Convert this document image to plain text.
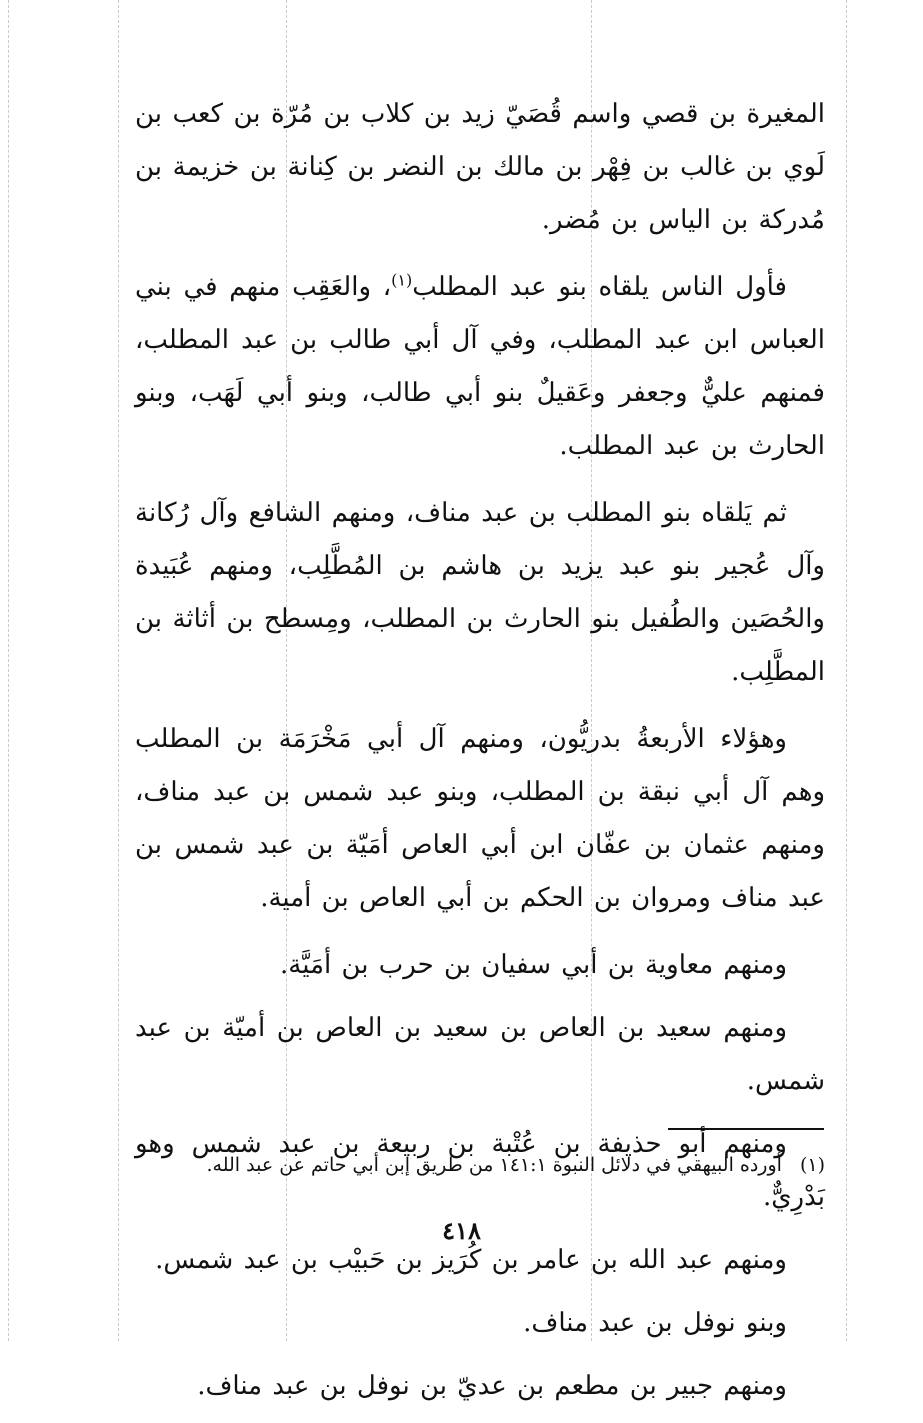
المغيرة بن قصي واسم قُصَيّ زيد بن كلاب بن مُرّة بن كعب بن لَوي بن غالب بن فِهْر بن مالك بن النضر بن كِنانة بن خزيمة بن مُدركة بن الياس بن مُضر.

فأول الناس يلقاه بنو عبد المطلب$^{(١)}$، والعَقِب منهم في بني العباس ابن عبد المطلب، وفي آل أبي طالب بن عبد المطلب، فمنهم عليٌّ وجعفر وعَقيلٌ بنو أبي طالب، وبنو أبي لَهَب، وبنو الحارث بن عبد المطلب.

ثم يَلقاه بنو المطلب بن عبد مناف، ومنهم الشافع وآل رُكانة وآل عُجير بنو عبد يزيد بن هاشم بن المُطَّلِب، ومنهم عُبَيدة والحُصَين والطُفيل بنو الحارث بن المطلب، ومِسطح بن أثاثة بن المطَّلِب.

وهؤلاء الأربعةُ بدريُّون، ومنهم آل أبي مَخْرَمَة بن المطلب وهم آل أبي نبقة بن المطلب، وبنو عبد شمس بن عبد مناف، ومنهم عثمان بن عفّان ابن أبي العاص أمَيّة بن عبد شمس بن عبد مناف ومروان بن الحكم بن أبي العاص بن أمية.

ومنهم معاوية بن أبي سفيان بن حرب بن أمَيَّة.

ومنهم سعيد بن العاص بن سعيد بن العاص بن أميّة بن عبد شمس.

ومنهم أبو حذيفة بن عُتْبة بن ربيعة بن عبد شمس وهو بَدْرِيٌّ.

ومنهم عبد الله بن عامر بن كُرَيز بن حَبيْب بن عبد شمس.

وبنو نوفل بن عبد مناف.

ومنهم جبير بن مطعم بن عديّ بن نوفل بن عبد مناف.

(١)أورده البيهقي في دلائل النبوة ١٤١:١ من طريق إبن أبي حاتم عن عبد الله.
٤١٨
